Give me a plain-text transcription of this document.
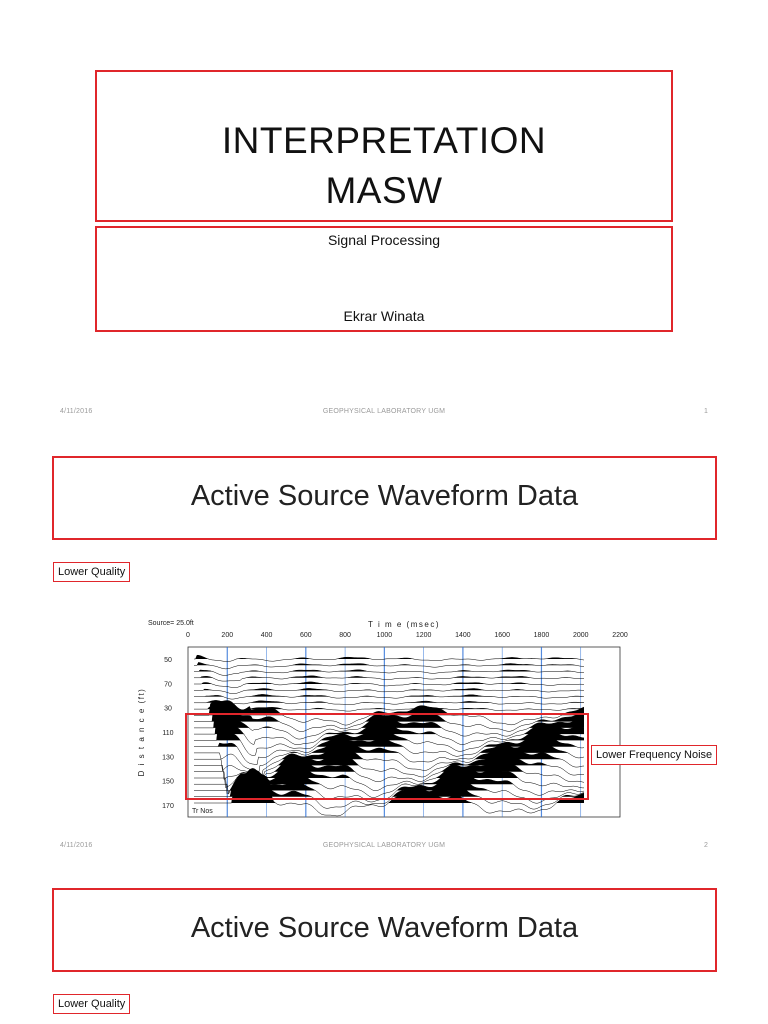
INTERPRETATION
MASW
Signal Processing
Ekrar Winata
4/11/2016	GEOPHYSICAL LABORATORY UGM	1
Active Source Waveform Data
Lower Quality
0	200	400	600	800	1000	1200	1400	1600	1800	2000	2200
T i m e (msec)
Source= 25.0ft
50
70
30
110
130
150
170
D i s t a n c e (ft)
Tr Nos
Lower Frequency Noise
4/11/2016	GEOPHYSICAL LABORATORY UGM	2
Active Source Waveform Data
Lower Quality
